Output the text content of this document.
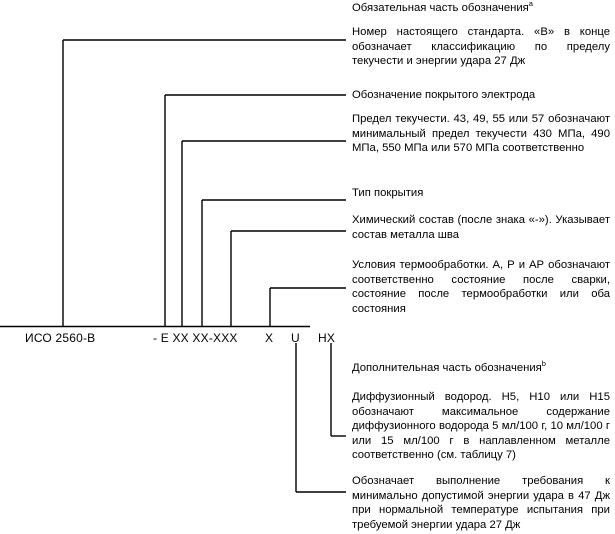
ИСО 2560-В	- E XX XX-XXX X U HX
Обязательная часть обозначения$^a$
Номер настоящего стандарта. «В» в конце обозначает классификацию по пределу текучести и энергии удара 27 Дж
Обозначение покрытого электрода
Предел текучести. 43, 49, 55 или 57 обозначают минимальный предел текучести 430 МПа, 490 МПа, 550 МПа или 570 МПа соответственно
Тип покрытия
Химический состав (после знака «-»). Указывает состав металла шва
Условия термообработки. А, Р и АР обозначают соответственно состояние после сварки, состояние после термообработки или оба состояния
Дополнительная часть обозначения$^b$
Диффузионный водород. Н5, Н10 или Н15 обозначают максимальное содержание диффузионного водорода 5 мл/100 г, 10 мл/100 г или 15 мл/100 г в наплавленном металле соответственно (см. таблицу 7)
Обозначает выполнение требования к минимально допустимой энергии удара в 47 Дж при нормальной температуре испытания при требуемой энергии удара 27 Дж
